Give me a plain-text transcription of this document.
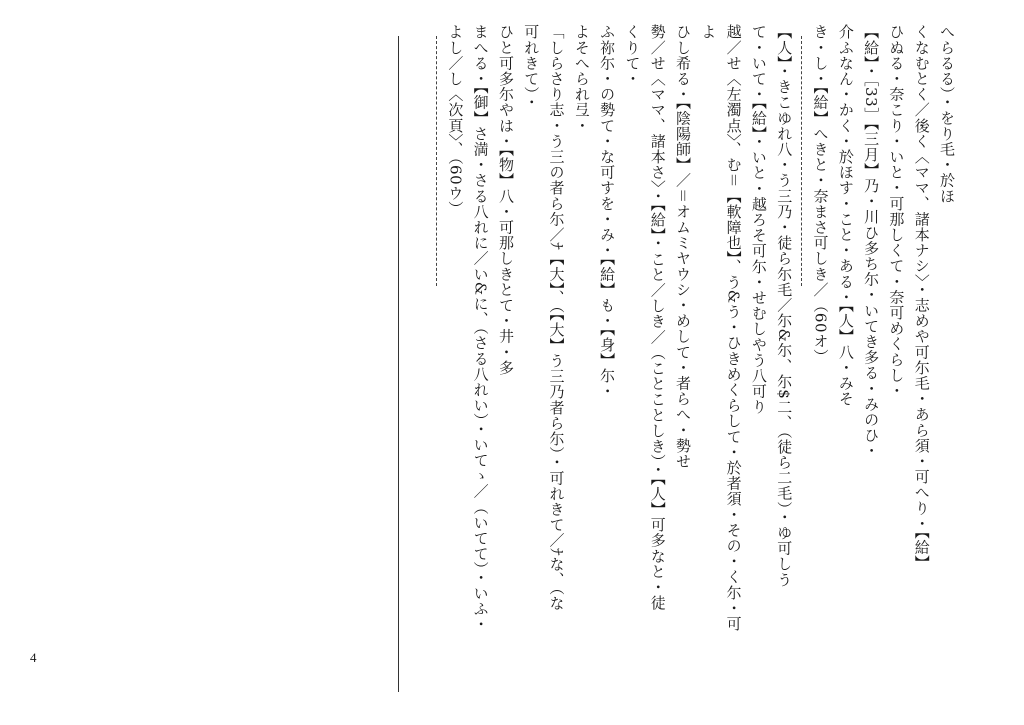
4
へらるる）・をり毛・於ほ
くなむとく／後く〈ママ、諸本ナシ〉・志めや可尓毛・あら須・可へり・【給】
ひぬる・奈こり・いと・可那しくて・奈可めくらし・
【給】・［33］【三月】乃・川ひ多ち尓・いてき多る・みのひ・
介ふなん・かく・於ほす・こと・ある・【人】八・みそ
き・し・【給】へきと・奈まさ可しき／（60オ）
【人】・きこゆれ八・う三乃・徒ら尓毛／尓&尓、尓$二、（徒ら二毛）・ゆ可しう
て・いて・【給】・いと・越ろそ可尓・せむしやう八可り
越／せ〈左濁点〉、む＝【軟障也】、う&う・ひきめくらして・於者須・その・く尓・可
よ
ひし希る・【陰陽師】／＝オムミヤウシ・めして・者らへ・勢せ
勢／せ〈ママ、諸本さ〉・【給】・こと／しき／（ことことしき）・【人】可多なと・徒
くりて・
ふ祢尓・の勢て・な可すを・み・【給】も・【身】尓・
よそへられ弖・
「しらさり志・う三の者ら尓／ﾅ【大】、（【大】う三乃者ら尓）・可れきて／ﾅな、（な
可れきて）・
ひと可多尓やは・【物】八・可那しきとて・井・多
まへる・【御】さ満・さる八れに／い&に、（さる八れい）・いてゝ／（いてて）・いふ・
よし／し〈次頁〉、（60ウ）
